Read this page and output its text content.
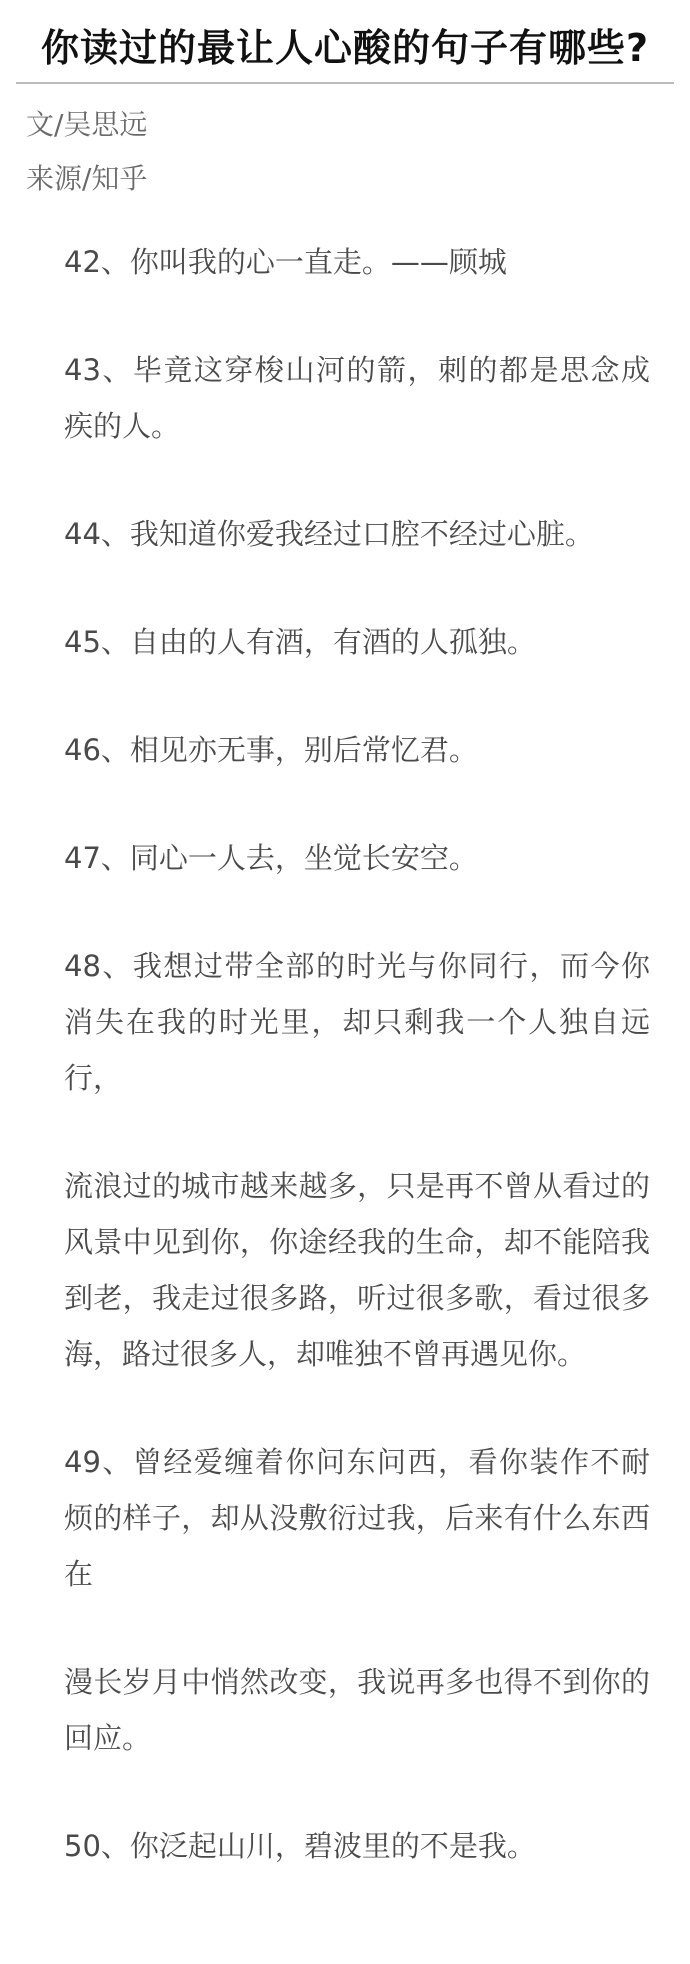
你读过的最让人心酸的句子有哪些?
文/吴思远
来源/知乎

42、你叫我的心一直走。——顾城

43、毕竟这穿梭山河的箭，刺的都是思念成疾的人。

44、我知道你爱我经过口腔不经过心脏。

45、自由的人有酒，有酒的人孤独。

46、相见亦无事，别后常忆君。

47、同心一人去，坐觉长安空。

48、我想过带全部的时光与你同行，而今你消失在我的时光里，却只剩我一个人独自远行，

流浪过的城市越来越多，只是再不曾从看过的风景中见到你，你途经我的生命，却不能陪我到老，我走过很多路，听过很多歌，看过很多海，路过很多人，却唯独不曾再遇见你。

49、曾经爱缠着你问东问西，看你装作不耐烦的样子，却从没敷衍过我，后来有什么东西在

漫长岁月中悄然改变，我说再多也得不到你的回应。

50、你泛起山川，碧波里的不是我。
